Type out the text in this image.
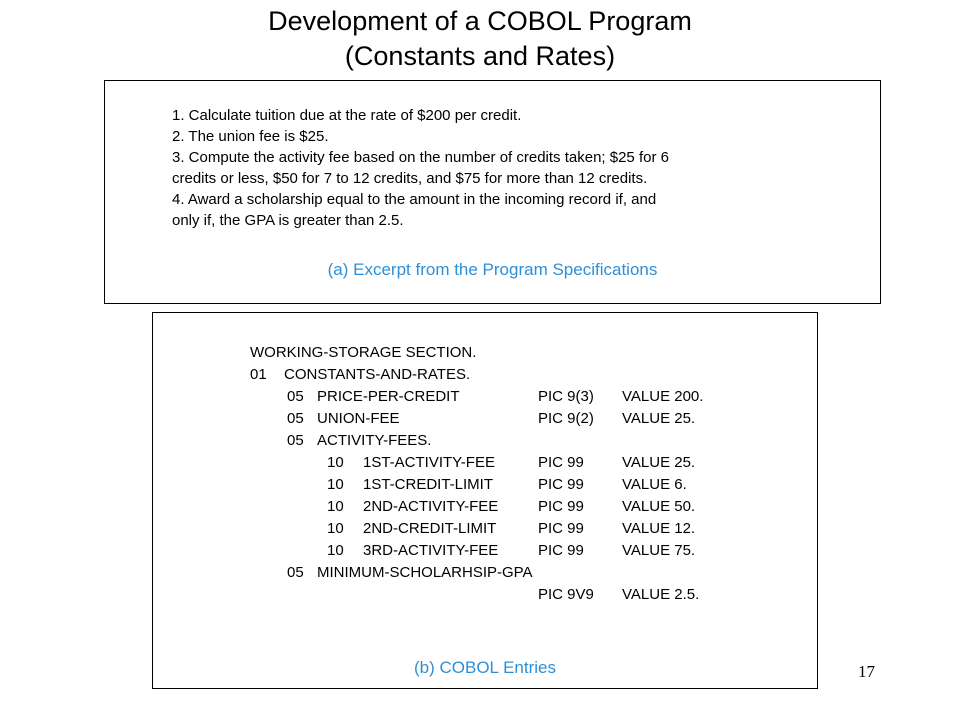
Development of a COBOL Program
(Constants and Rates)
1. Calculate tuition due at the rate of $200 per credit.
2. The union fee is $25.
3. Compute the activity fee based on the number of credits taken; $25 for 6
credits or less, $50 for 7 to 12 credits, and $75 for more than 12 credits.
4. Award a scholarship equal to the amount in the incoming record if, and
only if, the GPA is greater than 2.5.
(a) Excerpt from the Program Specifications
WORKING-STORAGE SECTION.
01 CONSTANTS-AND-RATES.
05 PRICE-PER-CREDIT	PIC 9(3) VALUE 200.
05 UNION-FEE	PIC 9(2) VALUE 25.
05 ACTIVITY-FEES.
10 1ST-ACTIVITY-FEE	PIC 99	VALUE 25.
10 1ST-CREDIT-LIMIT	PIC 99	VALUE 6.
10 2ND-ACTIVITY-FEE	PIC 99	VALUE 50.
10 2ND-CREDIT-LIMIT	PIC 99	VALUE 12.
10 3RD-ACTIVITY-FEE	PIC 99	VALUE 75.
05 MINIMUM-SCHOLARHSIP-GPA
PIC 9V9 VALUE 2.5.
(b) COBOL Entries	17
